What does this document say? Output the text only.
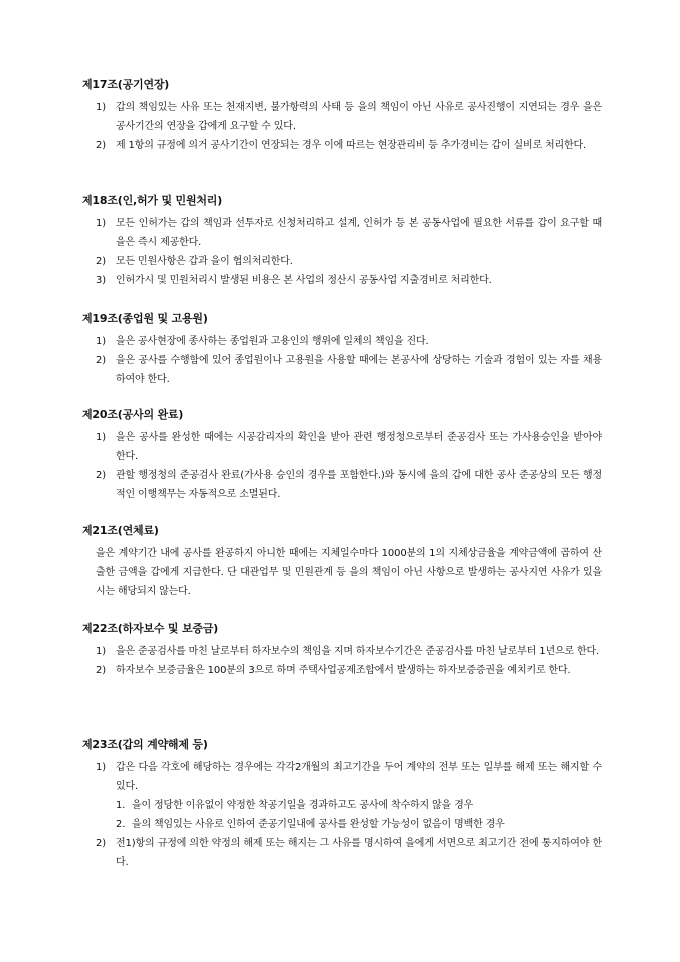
제17조(공기연장)
1)	갑의 책임있는 사유 또는 천재지변, 불가항력의 사태 등 을의 책임이 아닌 사유로 공사진행이 지연되는 경우 을은 공사기간의 연장을 갑에게 요구할 수 있다.
2)	제 1항의 규정에 의거 공사기간이 연장되는 경우 이에 따르는 현장관리비 등 추가경비는 갑이 실비로 처리한다.
제18조(인,허가 및 민원처리)
1)	모든 인허가는 갑의 책임과 선투자로 신청처리하고 설계, 인허가 등 본 공동사업에 필요한 서류를 갑이 요구할 때 을은 즉시 제공한다.
2)	모든 민원사항은 갑과 을이 협의처리한다.
3)	인허가시 및 민원처리시 발생된 비용은 본 사업의 정산시 공동사업 지출경비로 처리한다.
제19조(종업원 및 고용원)
1)	을은 공사현장에 종사하는 종업원과 고용인의 행위에 일체의 책임을 진다.
2)	을은 공사를 수행함에 있어 종업원이나 고용원을 사용할 때에는 본공사에 상당하는 기술과 경험이 있는 자를 채용하여야 한다.
제20조(공사의 완료)
1)	을은 공사를 완성한 때에는 시공감리자의 확인을 받아 관련 행정청으로부터 준공검사 또는 가사용승인을 받아야 한다.
2)	관할 행정청의 준공검사 완료(가사용 승인의 경우를 포함한다.)와 동시에 을의 갑에 대한 공사 준공상의 모든 행정적인 이행책무는 자동적으로 소멸된다.
제21조(연체료)
을은 계약기간 내에 공사를 완공하지 아니한 때에는 지체일수마다 1000분의 1의 지체상금율을 계약금액에 곱하여 산출한 금액을 갑에게 지급한다. 단 대관업무 및 민원관계 등 을의 책임이 아닌 사항으로 발생하는 공사지연 사유가 있을 시는 해당되지 않는다.
제22조(하자보수 및 보증금)
1)	을은 준공검사를 마친 날로부터 하자보수의 책임을 지며 하자보수기간은 준공검사를 마친 날로부터 1년으로 한다.
2)	하자보수 보증금율은 100분의 3으로 하며 주택사업공제조합에서 발생하는 하자보증증권을 예치키로 한다.
제23조(갑의 계약해제 등)
1)	갑은 다음 각호에 해당하는 경우에는 각각2개월의 최고기간을 두어 계약의 전부 또는 일부를 해제 또는 해지할 수 있다.
1. 을이 정당한 이유없이 약정한 착공기일을 경과하고도 공사에 착수하지 않을 경우
2. 을의 책임있는 사유로 인하여 준공기일내에 공사를 완성할 가능성이 없음이 명백한 경우
2)	전1)항의 규정에 의한 약정의 해제 또는 해지는 그 사유를 명시하여 을에게 서면으로 최고기간 전에 통지하여야 한다.
